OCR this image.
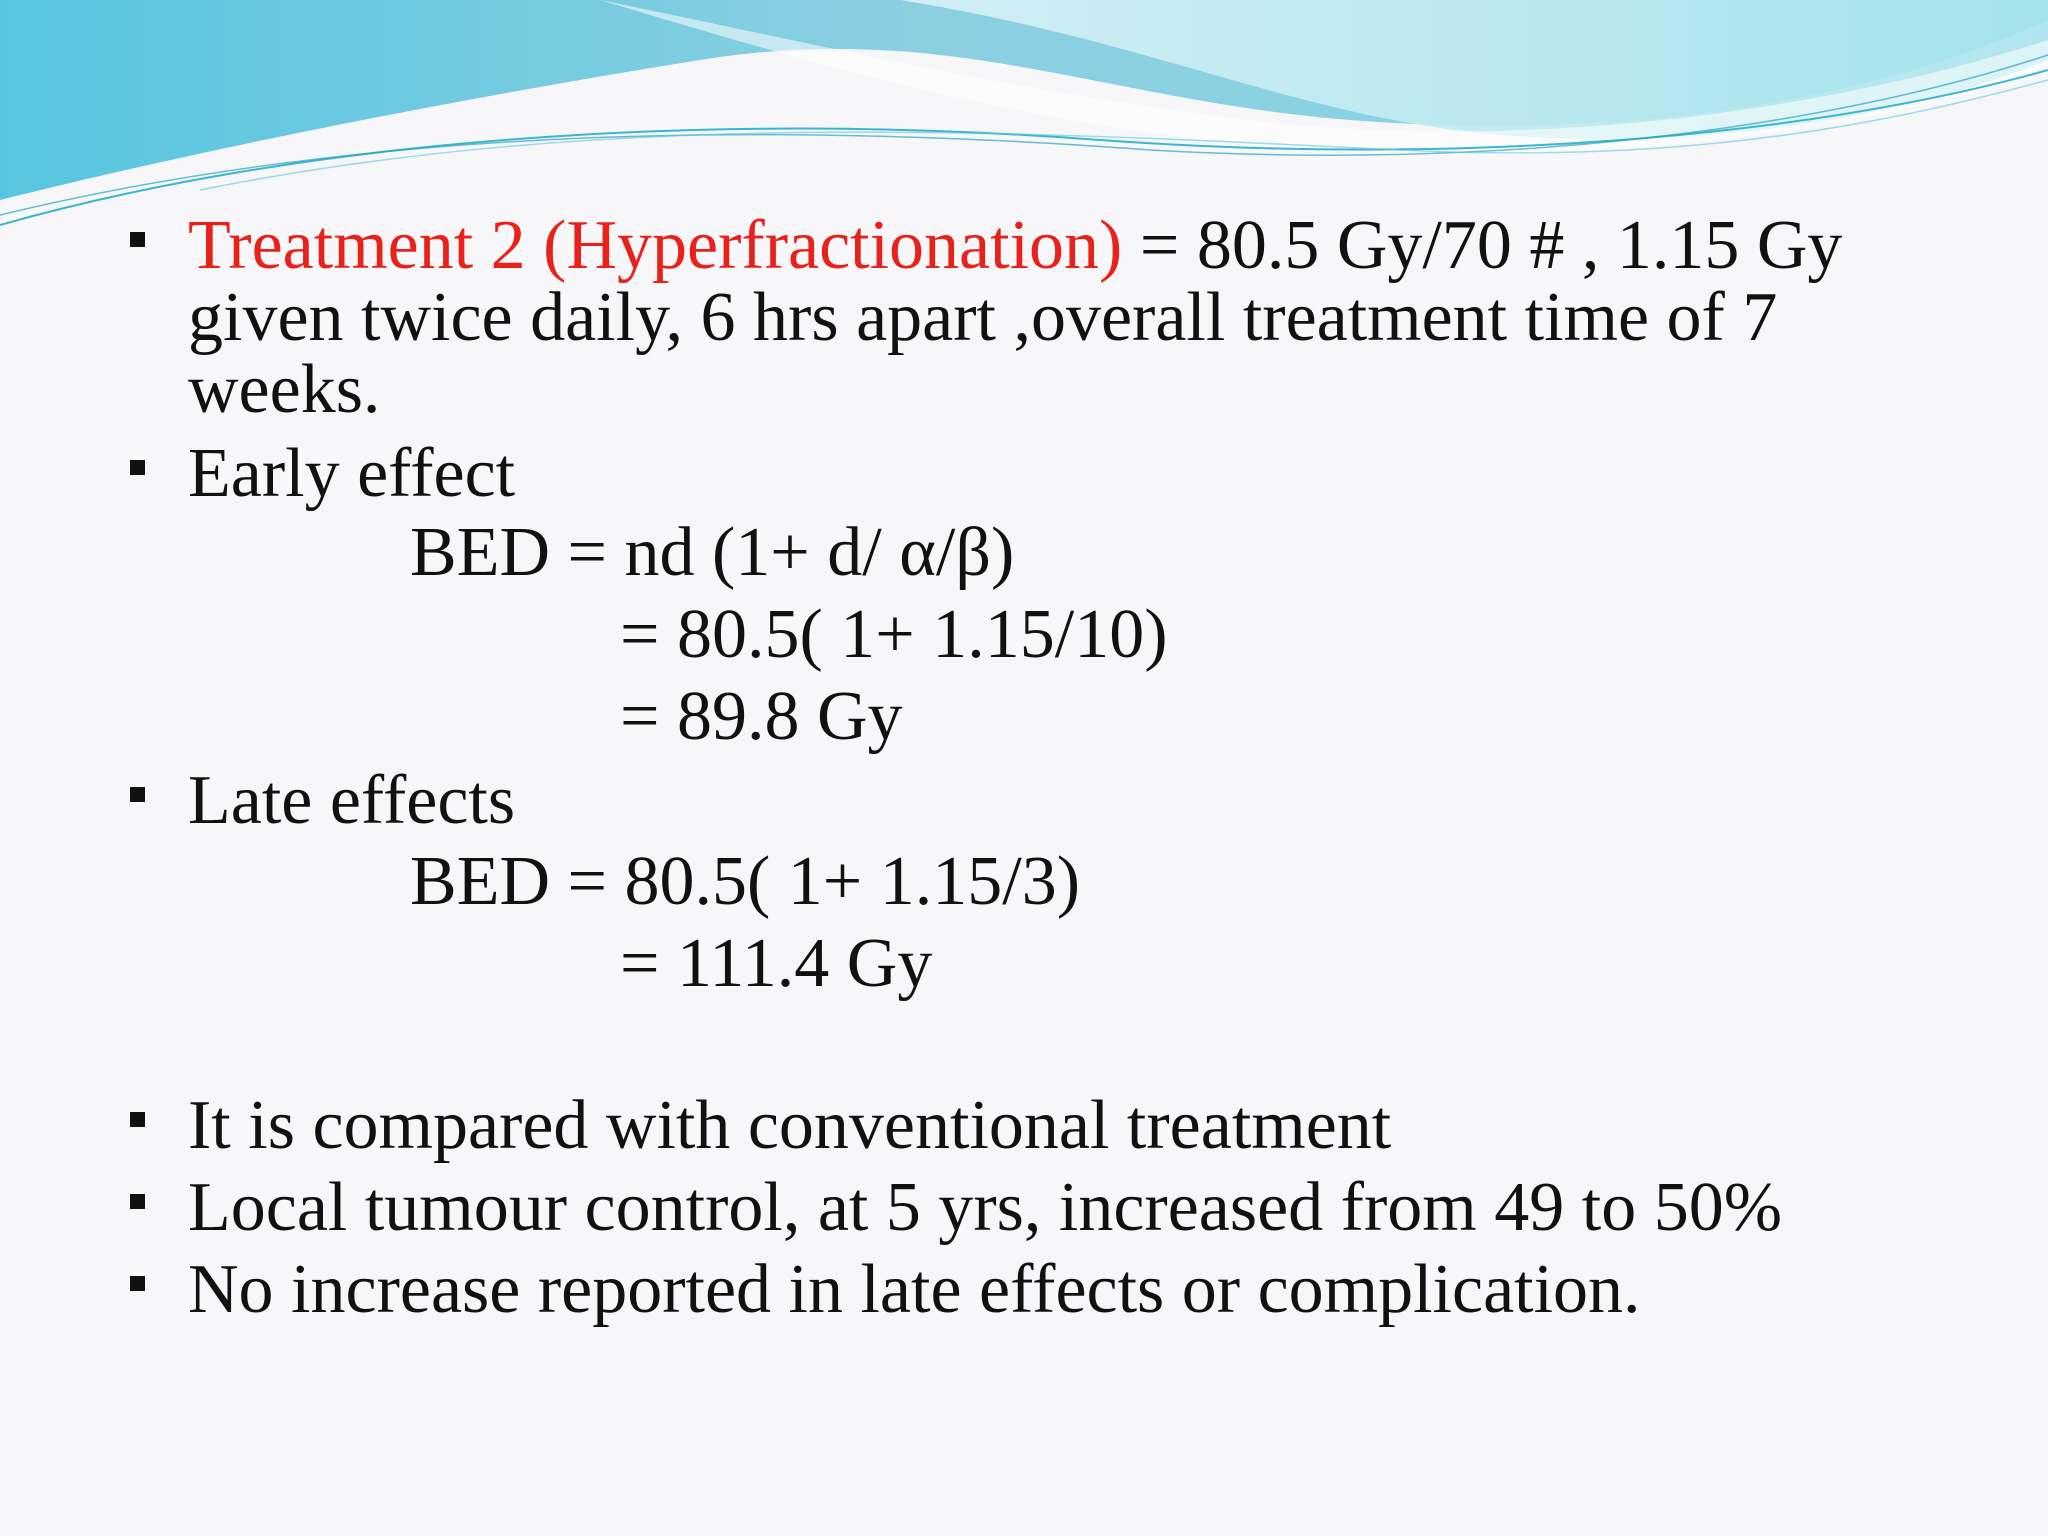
Treatment 2 (Hyperfractionation) = 80.5 Gy/70 # , 1.15 Gy given twice daily, 6 hrs apart ,overall treatment time of 7 weeks.
Early effect
BED = nd (1+ d/ α/β)
= 80.5( 1+ 1.15/10)
= 89.8 Gy
Late effects
BED = 80.5( 1+ 1.15/3)
= 111.4 Gy
It is compared with conventional treatment
Local tumour control, at 5 yrs, increased from 49 to 50%
No increase reported in late effects or complication.
